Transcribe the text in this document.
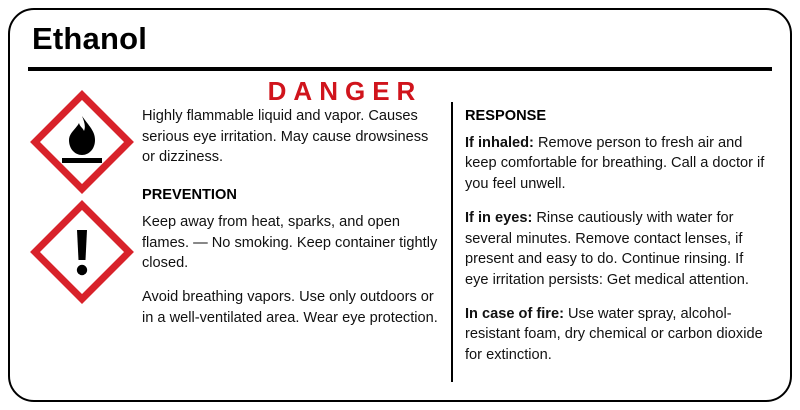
Ethanol
DANGER

Highly flammable liquid and vapor. Causes serious eye irritation. May cause drowsiness or dizziness.

PREVENTION

Keep away from heat, sparks, and open flames. — No smoking. Keep container tightly closed.

Avoid breathing vapors. Use only outdoors or in a well-ventilated area. Wear eye protection.

RESPONSE

If inhaled: Remove person to fresh air and keep comfortable for breathing. Call a doctor if you feel unwell.

If in eyes: Rinse cautiously with water for several minutes. Remove contact lenses, if present and easy to do. Continue rinsing. If eye irritation persists: Get medical attention.

In case of fire: Use water spray, alcohol-resistant foam, dry chemical or carbon dioxide for extinction.
